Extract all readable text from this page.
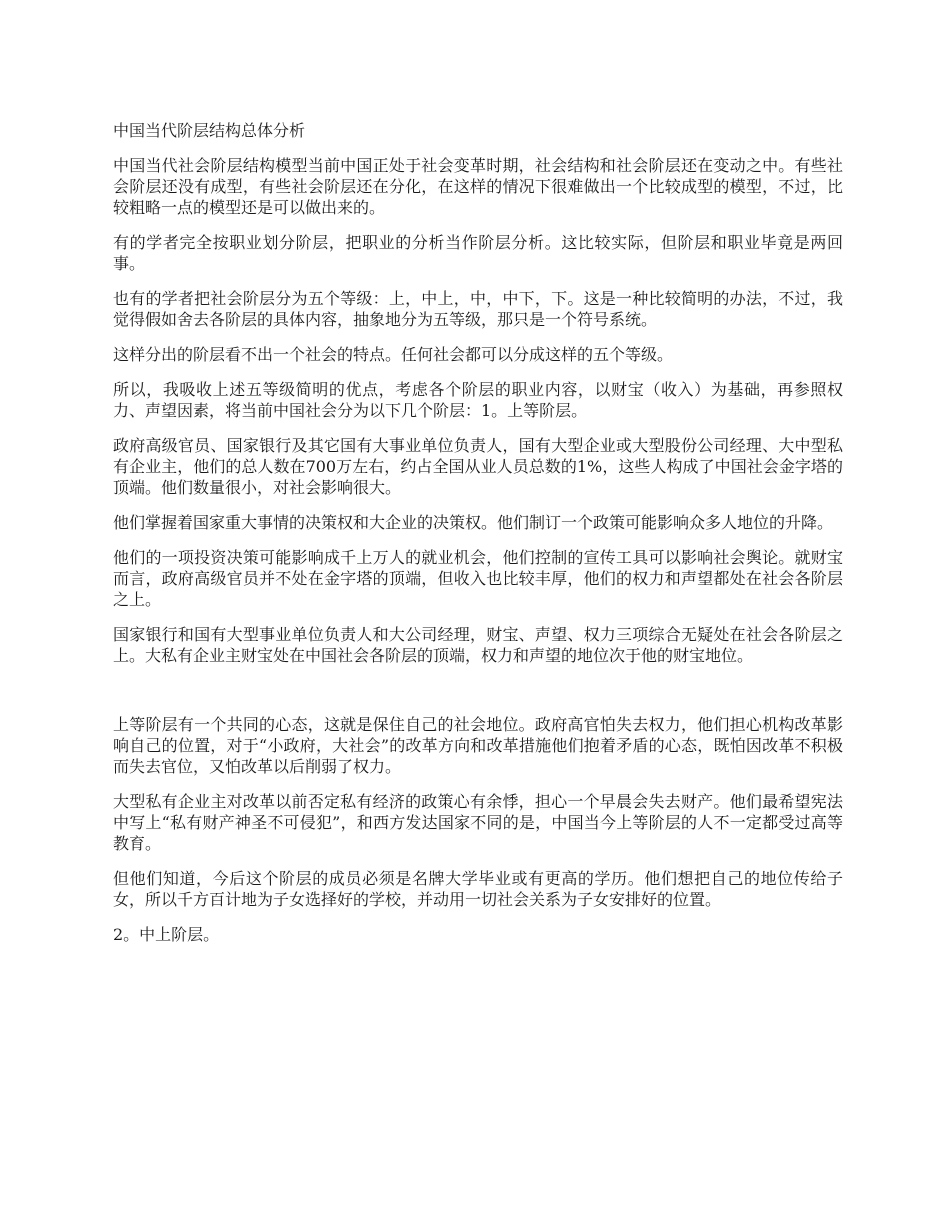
中国当代阶层结构总体分析

中国当代社会阶层结构模型当前中国正处于社会变革时期，社会结构和社会阶层还在变动之中。有些社会阶层还没有成型，有些社会阶层还在分化，在这样的情况下很难做出一个比较成型的模型，不过，比较粗略一点的模型还是可以做出来的。

有的学者完全按职业划分阶层，把职业的分析当作阶层分析。这比较实际，但阶层和职业毕竟是两回事。

也有的学者把社会阶层分为五个等级：上，中上，中，中下，下。这是一种比较简明的办法，不过，我觉得假如舍去各阶层的具体内容，抽象地分为五等级，那只是一个符号系统。

这样分出的阶层看不出一个社会的特点。任何社会都可以分成这样的五个等级。

所以，我吸收上述五等级简明的优点，考虑各个阶层的职业内容，以财宝（收入）为基础，再参照权力、声望因素，将当前中国社会分为以下几个阶层：1。上等阶层。

政府高级官员、国家银行及其它国有大事业单位负责人，国有大型企业或大型股份公司经理、大中型私有企业主，他们的总人数在700万左右，约占全国从业人员总数的1%，这些人构成了中国社会金字塔的顶端。他们数量很小，对社会影响很大。

他们掌握着国家重大事情的决策权和大企业的决策权。他们制订一个政策可能影响众多人地位的升降。

他们的一项投资决策可能影响成千上万人的就业机会，他们控制的宣传工具可以影响社会舆论。就财宝而言，政府高级官员并不处在金字塔的顶端，但收入也比较丰厚，他们的权力和声望都处在社会各阶层之上。

国家银行和国有大型事业单位负责人和大公司经理，财宝、声望、权力三项综合无疑处在社会各阶层之上。大私有企业主财宝处在中国社会各阶层的顶端，权力和声望的地位次于他的财宝地位。

上等阶层有一个共同的心态，这就是保住自己的社会地位。政府高官怕失去权力，他们担心机构改革影响自己的位置，对于“小政府，大社会”的改革方向和改革措施他们抱着矛盾的心态，既怕因改革不积极而失去官位，又怕改革以后削弱了权力。

大型私有企业主对改革以前否定私有经济的政策心有余悸，担心一个早晨会失去财产。他们最希望宪法中写上“私有财产神圣不可侵犯”，和西方发达国家不同的是，中国当今上等阶层的人不一定都受过高等教育。

但他们知道，今后这个阶层的成员必须是名牌大学毕业或有更高的学历。他们想把自己的地位传给子女，所以千方百计地为子女选择好的学校，并动用一切社会关系为子女安排好的位置。

2。中上阶层。
